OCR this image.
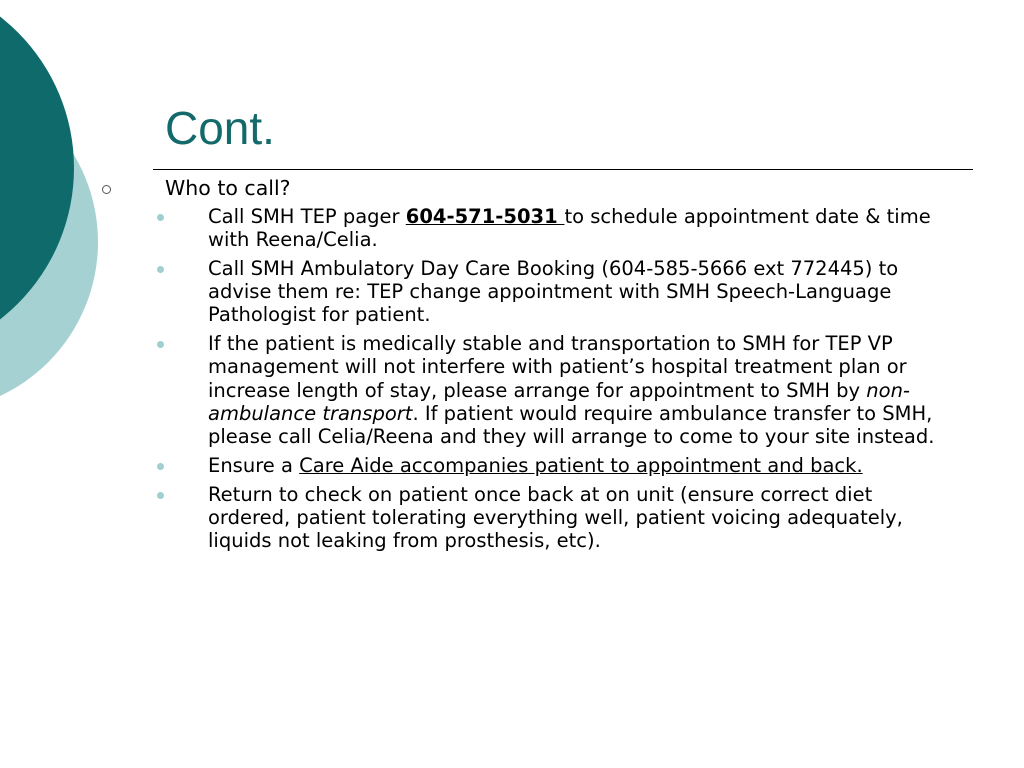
Cont.
Who to call?
Call SMH TEP pager 604-571-5031 to schedule appointment date & time with Reena/Celia.
Call SMH Ambulatory Day Care Booking (604-585-5666 ext 772445) to advise them re: TEP change appointment with SMH Speech-Language Pathologist for patient.
If the patient is medically stable and transportation to SMH for TEP VP management will not interfere with patient’s hospital treatment plan or increase length of stay, please arrange for appointment to SMH by non-ambulance transport. If patient would require ambulance transfer to SMH, please call Celia/Reena and they will arrange to come to your site instead.
Ensure a Care Aide accompanies patient to appointment and back.
Return to check on patient once back at on unit (ensure correct diet ordered, patient tolerating everything well, patient voicing adequately, liquids not leaking from prosthesis, etc).
